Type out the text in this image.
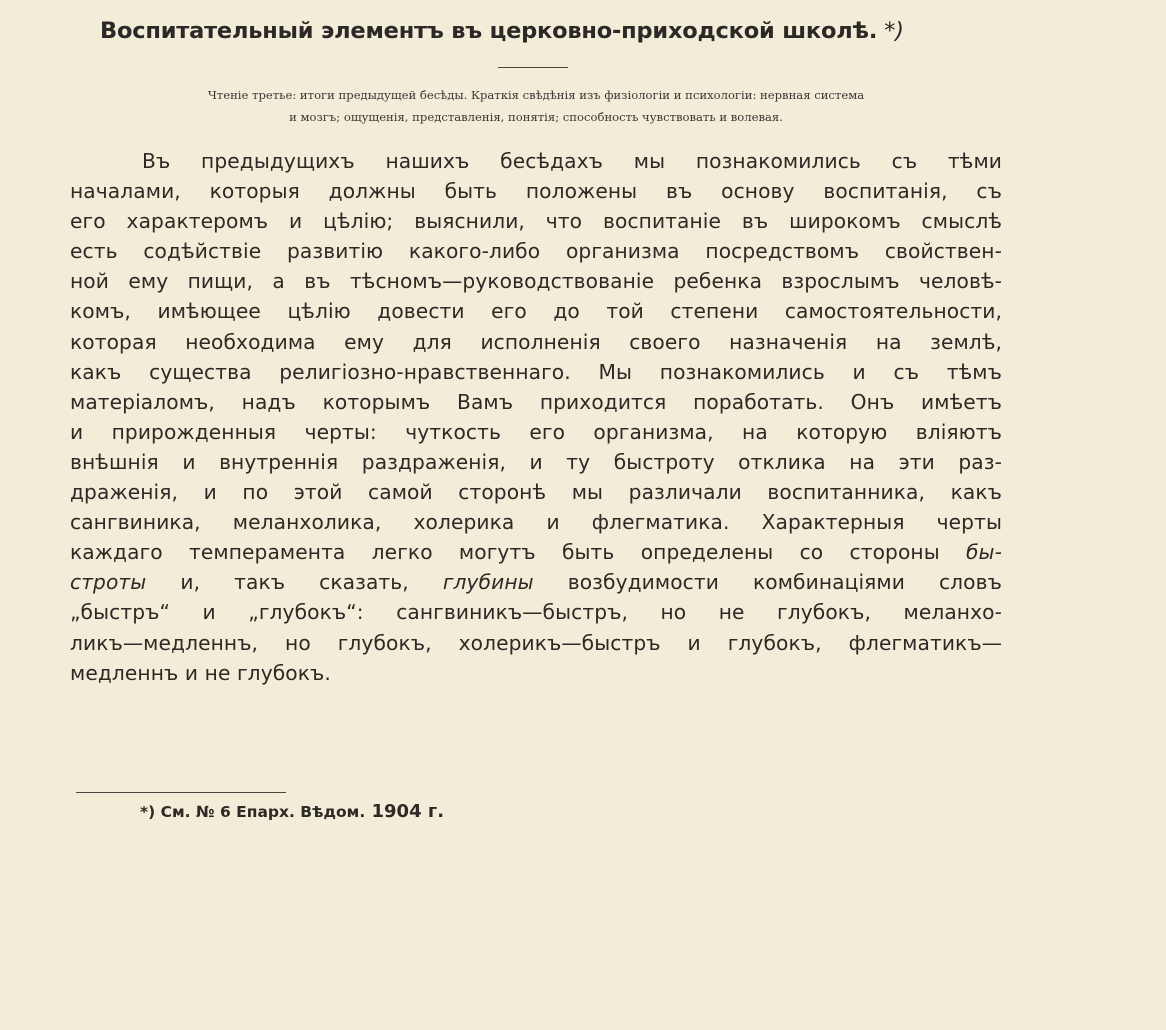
Воспитательный элементъ въ церковно-приходской школѣ. *)

Чтеніе третье: итоги предыдущей бесѣды. Краткія свѣдѣнія изъ физіологіи и психологіи: нервная система
и мозгъ; ощущенія, представленія, понятія; способность чувствовать и волевая.

Въ предыдущихъ нашихъ бесѣдахъ мы познакомились съ тѣми
началами, которыя должны быть положены въ основу воспитанія, съ
его характеромъ и цѣлію; выяснили, что воспитаніе въ широкомъ смыслѣ
есть содѣйствіе развитію какого-либо организма посредствомъ свойствен-
ной ему пищи, а въ тѣсномъ—руководствованіе ребенка взрослымъ человѣ-
комъ, имѣющее цѣлію довести его до той степени самостоятельности,
которая необходима ему для исполненія своего назначенія на землѣ,
какъ существа религіозно-нравственнаго. Мы познакомились и съ тѣмъ
матеріаломъ, надъ которымъ Вамъ приходится поработать. Онъ имѣетъ
и прирожденныя черты: чуткость его организма, на которую вліяютъ
внѣшнія и внутреннія раздраженія, и ту быстроту отклика на эти раз-
драженія, и по этой самой сторонѣ мы различали воспитанника, какъ
сангвиника, меланхолика, холерика и флегматика. Характерныя черты
каждаго темперамента легко могутъ быть определены со стороны бы-
строты и, такъ сказать, глубины возбудимости комбинаціями словъ
„быстръ“ и „глубокъ“: сангвиникъ—быстръ, но не глубокъ, меланхо-
ликъ—медленнъ, но глубокъ, холерикъ—быстръ и глубокъ, флегматикъ—
медленнъ и не глубокъ.

*) См. № 6 Епарх. Вѣдом. 1904 г.
